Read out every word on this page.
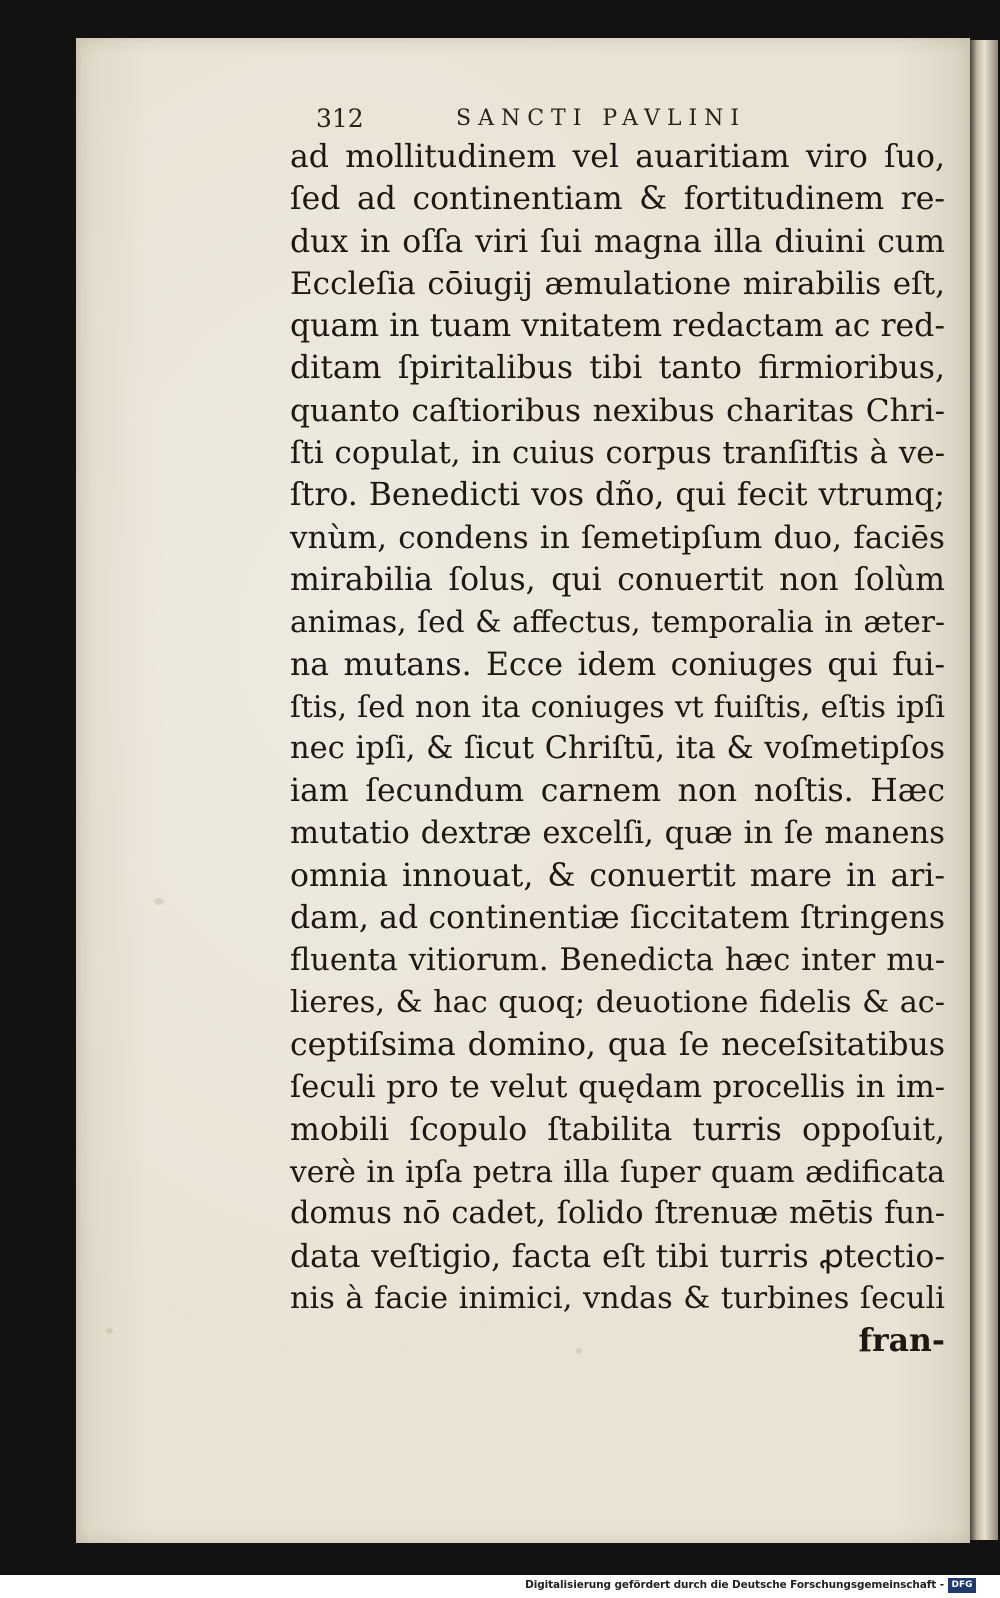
312	SANCTI PAVLINI
ad mollitudinem vel auaritiam viro ſuo,
ſed ad continentiam & fortitudinem re-
dux in oſſa viri ſui magna illa diuini cum
Eccleſia cōiugij æmulatione mirabilis eſt,
quam in tuam vnitatem redactam ac red-
ditam ſpiritalibus tibi tanto firmioribus,
quanto caſtioribus nexibus charitas Chri-
ſti copulat, in cuius corpus tranſiſtis à ve-
ſtro. Benedicti vos dño, qui fecit vtrumq;
vnùm, condens in ſemetipſum duo, faciēs
mirabilia ſolus, qui conuertit non ſolùm
animas, ſed & affectus, temporalia in æter-
na mutans. Ecce idem coniuges qui fui-
ſtis, ſed non ita coniuges vt fuiſtis, eſtis ipſi
nec ipſi, & ſicut Chriſtū, ita & voſmetipſos
iam ſecundum carnem non noſtis. Hæc
mutatio dextræ excelſi, quæ in ſe manens
omnia innouat, & conuertit mare in ari-
dam, ad continentiæ ſiccitatem ſtringens
fluenta vitiorum. Benedicta hæc inter mu-
lieres, & hac quoq; deuotione fidelis & ac-
ceptiſsima domino, qua ſe neceſsitatibus
ſeculi pro te velut quędam procellis in im-
mobili ſcopulo ſtabilita turris oppoſuit,
verè in ipſa petra illa ſuper quam ædificata
domus nō cadet, ſolido ſtrenuæ mētis fun-
data veſtigio, facta eſt tibi turris ꝓtectio-
nis à facie inimici, vndas & turbines ſeculi
fran-
Digitalisierung gefördert durch die Deutsche Forschungsgemeinschaft - DFG
